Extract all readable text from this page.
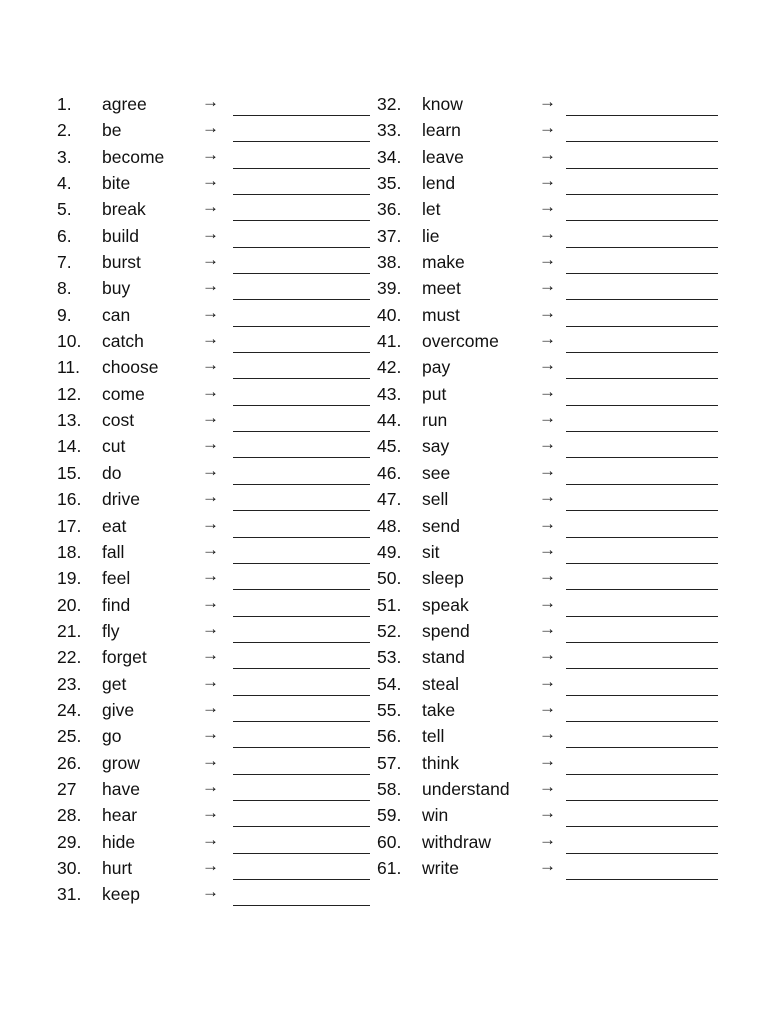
1. agree	→
2. be	→
3. become →
4. bite	→
5. break	→
6. build	→
7. burst	→
8. buy	→
9. can	→
10. catch	→
11. choose	→
12. come	→
13. cost	→
14. cut	→
15. do	→
16. drive	→
17. eat	→
18. fall	→
19. feel	→
20. find	→
21. fly	→
22. forget	→
23. get	→
24. give	→
25. go	→
26. grow	→
27 have	→
28. hear	→
29. hide	→
30. hurt	→
31. keep	→
32. know	→
33. learn	→
34. leave	→
35. lend	→
36. let	→
37. lie	→
38. make	→
39. meet	→
40. must	→
41. overcome →
42. pay	→
43. put	→
44. run	→
45. say	→
46. see	→
47. sell	→
48. send	→
49. sit	→
50. sleep	→
51. speak	→
52. spend	→
53. stand	→
54. steal	→
55. take	→
56. tell	→
57. think	→
58. understand →
59. win	→
60. withdraw	→
61. write	→
